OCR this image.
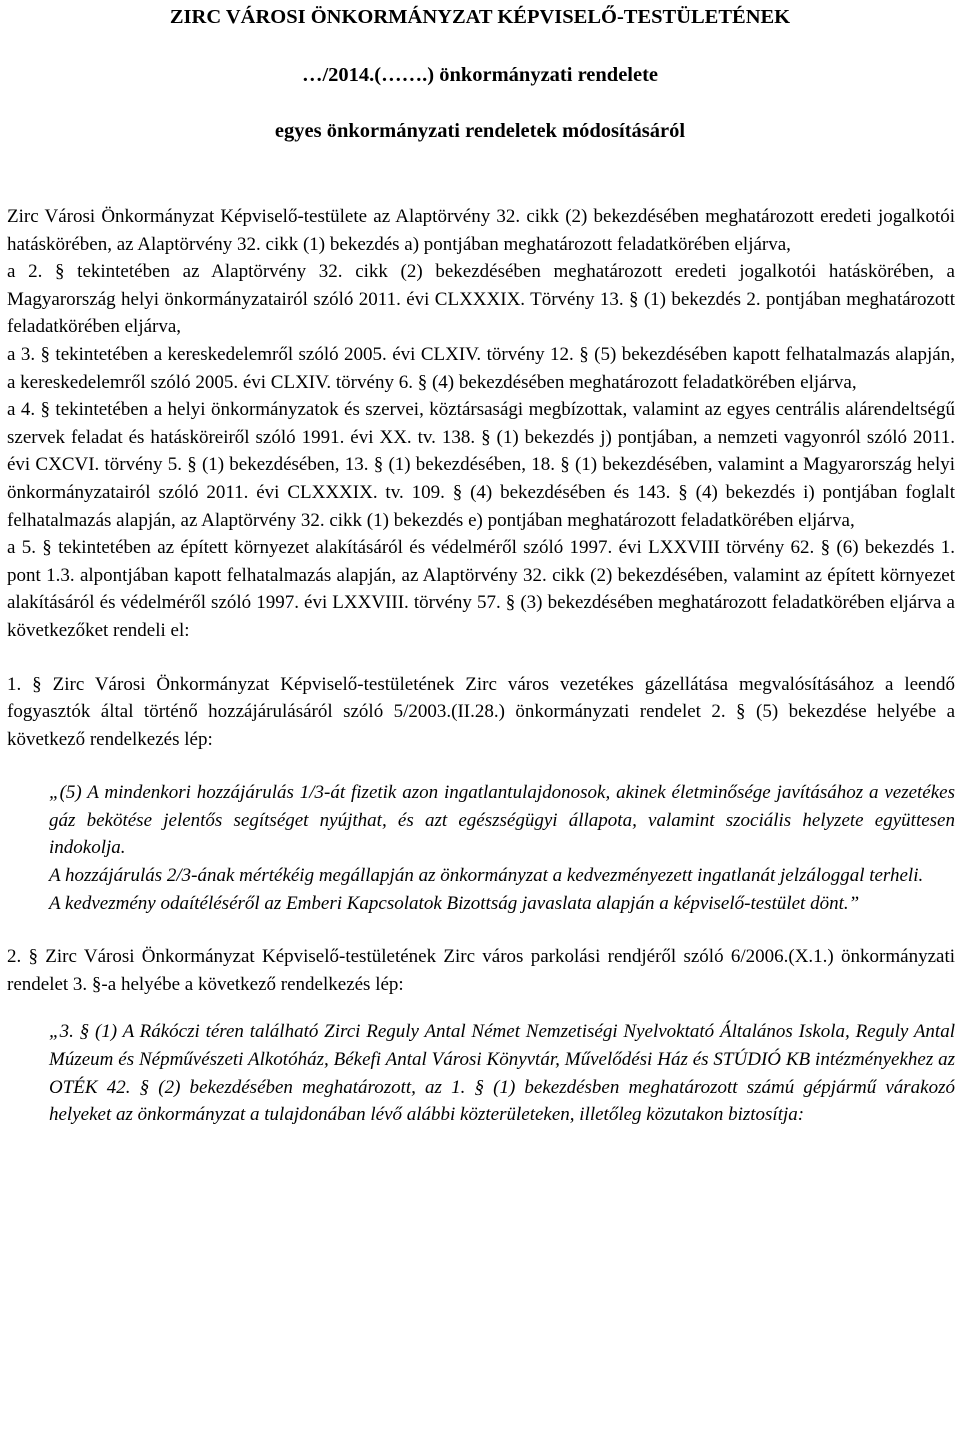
ZIRC VÁROSI ÖNKORMÁNYZAT KÉPVISELŐ-TESTÜLETÉNEK
…/2014.(…….) önkormányzati rendelete
egyes önkormányzati rendeletek módosításáról

Zirc Városi Önkormányzat Képviselő-testülete az Alaptörvény 32. cikk (2) bekezdésében meghatározott eredeti jogalkotói hatáskörében, az Alaptörvény 32. cikk (1) bekezdés a) pontjában meghatározott feladatkörében eljárva,

a 2. § tekintetében az Alaptörvény 32. cikk (2) bekezdésében meghatározott eredeti jogalkotói hatáskörében, a Magyarország helyi önkormányzatairól szóló 2011. évi CLXXXIX. Törvény 13. § (1) bekezdés 2. pontjában meghatározott feladatkörében eljárva,

a 3. § tekintetében a kereskedelemről szóló 2005. évi CLXIV. törvény 12. § (5) bekezdésében kapott felhatalmazás alapján, a kereskedelemről szóló 2005. évi CLXIV. törvény 6. § (4) bekezdésében meghatározott feladatkörében eljárva,

a 4. § tekintetében a helyi önkormányzatok és szervei, köztársasági megbízottak, valamint az egyes centrális alárendeltségű szervek feladat és hatásköreiről szóló 1991. évi XX. tv. 138. § (1) bekezdés j) pontjában, a nemzeti vagyonról szóló 2011. évi CXCVI. törvény 5. § (1) bekezdésében, 13. § (1) bekezdésében, 18. § (1) bekezdésében, valamint a Magyarország helyi önkormányzatairól szóló 2011. évi CLXXXIX. tv. 109. § (4) bekezdésében és 143. § (4) bekezdés i) pontjában foglalt felhatalmazás alapján, az Alaptörvény 32. cikk (1) bekezdés e) pontjában meghatározott feladatkörében eljárva,

a 5. § tekintetében az épített környezet alakításáról és védelméről szóló 1997. évi LXXVIII törvény 62. § (6) bekezdés 1. pont 1.3. alpontjában kapott felhatalmazás alapján, az Alaptörvény 32. cikk (2) bekezdésében, valamint az épített környezet alakításáról és védelméről szóló 1997. évi LXXVIII. törvény 57. § (3) bekezdésében meghatározott feladatkörében eljárva a következőket rendeli el:

1. § Zirc Városi Önkormányzat Képviselő-testületének Zirc város vezetékes gázellátása megvalósításához a leendő fogyasztók által történő hozzájárulásáról szóló 5/2003.(II.28.) önkormányzati rendelet 2. § (5) bekezdése helyébe a következő rendelkezés lép:

„(5) A mindenkori hozzájárulás 1/3-át fizetik azon ingatlantulajdonosok, akinek életminősége javításához a vezetékes gáz bekötése jelentős segítséget nyújthat, és azt egészségügyi állapota, valamint szociális helyzete együttesen indokolja.
A hozzájárulás 2/3-ának mértékéig megállapján az önkormányzat a kedvezményezett ingatlanát jelzáloggal terheli.
A kedvezmény odaítéléséről az Emberi Kapcsolatok Bizottság javaslata alapján a képviselő-testület dönt.”

2. § Zirc Városi Önkormányzat Képviselő-testületének Zirc város parkolási rendjéről szóló 6/2006.(X.1.) önkormányzati rendelet 3. §-a helyébe a következő rendelkezés lép:

„3. § (1) A Rákóczi téren található Zirci Reguly Antal Német Nemzetiségi Nyelvoktató Általános Iskola, Reguly Antal Múzeum és Népművészeti Alkotóház, Békefi Antal Városi Könyvtár, Művelődési Ház és STÚDIÓ KB intézményekhez az OTÉK 42. § (2) bekezdésében meghatározott, az 1. § (1) bekezdésben meghatározott számú gépjármű várakozó helyeket az önkormányzat a tulajdonában lévő alábbi közterületeken, illetőleg közutakon biztosítja:
